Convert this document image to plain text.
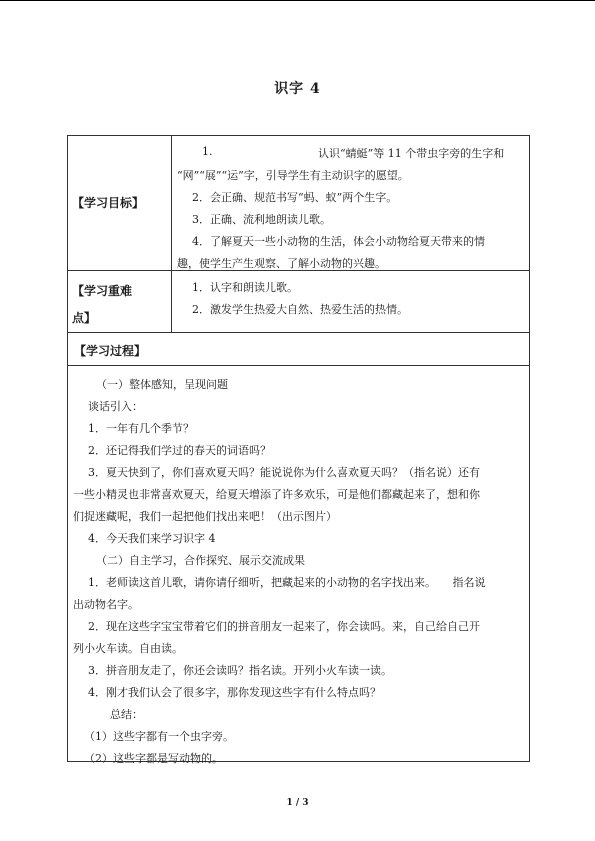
识字 4
【学习目标】
1.	认识“蜻蜓”等 11 个带虫字旁的生字和
“网”“展”“运”字，引导学生有主动识字的愿望。
2．会正确、规范书写“蚂、蚁”两个生字。
3．正确、流利地朗读儿歌。
4．了解夏天一些小动物的生活，体会小动物给夏天带来的情
趣，使学生产生观察、了解小动物的兴趣。
【学习重难
点】
1．认字和朗读儿歌。
2．激发学生热爱大自然、热爱生活的热情。
【学习过程】
（一）整体感知，呈现问题
谈话引入：
1．一年有几个季节？
2．还记得我们学过的春天的词语吗？
3．夏天快到了，你们喜欢夏天吗？能说说你为什么喜欢夏天吗？（指名说）还有
一些小精灵也非常喜欢夏天，给夏天增添了许多欢乐，可是他们都藏起来了，想和你
们捉迷藏呢，我们一起把他们找出来吧！（出示图片）
4．今天我们来学习识字 4
（二）自主学习，合作探究、展示交流成果
1．老师读这首儿歌，请你请仔细听，把藏起来的小动物的名字找出来。　　指名说
出动物名字。
2．现在这些字宝宝带着它们的拼音朋友一起来了，你会读吗。来，自己给自己开
列小火车读。自由读。
3．拼音朋友走了，你还会读吗？指名读。开列小火车读一读。
4．刚才我们认会了很多字，那你发现这些字有什么特点吗？
总结：
（1）这些字都有一个虫字旁。
（2）这些字都是写动物的。
1 / 3
